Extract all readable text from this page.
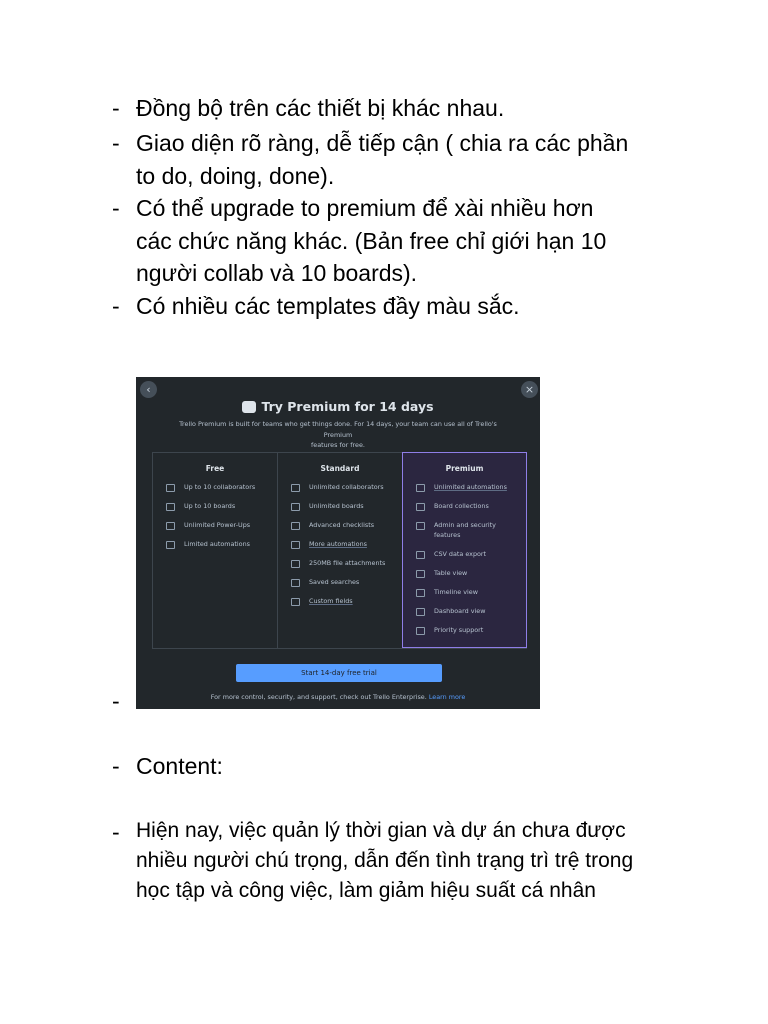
-
-
-
-
-
-
-
Đồng bộ trên các thiết bị khác nhau.
Giao diện rõ ràng, dễ tiếp cận ( chia ra các phần
to do, doing, done).
Có thể upgrade to premium để xài nhiều hơn
các chức năng khác. (Bản free chỉ giới hạn 10
người collab và 10 boards).
Có nhiều các templates đầy màu sắc.
Content:
Hiện nay, việc quản lý thời gian và dự án chưa được
nhiều người chú trọng, dẫn đến tình trạng trì trệ trong
học tập và công việc, làm giảm hiệu suất cá nhân
‹	×
Try Premium for 14 days
Trello Premium is built for teams who get things done. For 14 days, your team can use all of Trello's Premium
features for free.
Free
Up to 10 collaborators
Up to 10 boards
Unlimited Power-Ups
Limited automations
Standard
Unlimited collaborators
Unlimited boards
Advanced checklists
More automations
250MB file attachments
Saved searches
Custom fields
Premium
Unlimited automations
Board collections
Admin and security
features
CSV data export
Table view
Timeline view
Dashboard view
Priority support
Start 14-day free trial
For more control, security, and support, check out Trello Enterprise. Learn more
